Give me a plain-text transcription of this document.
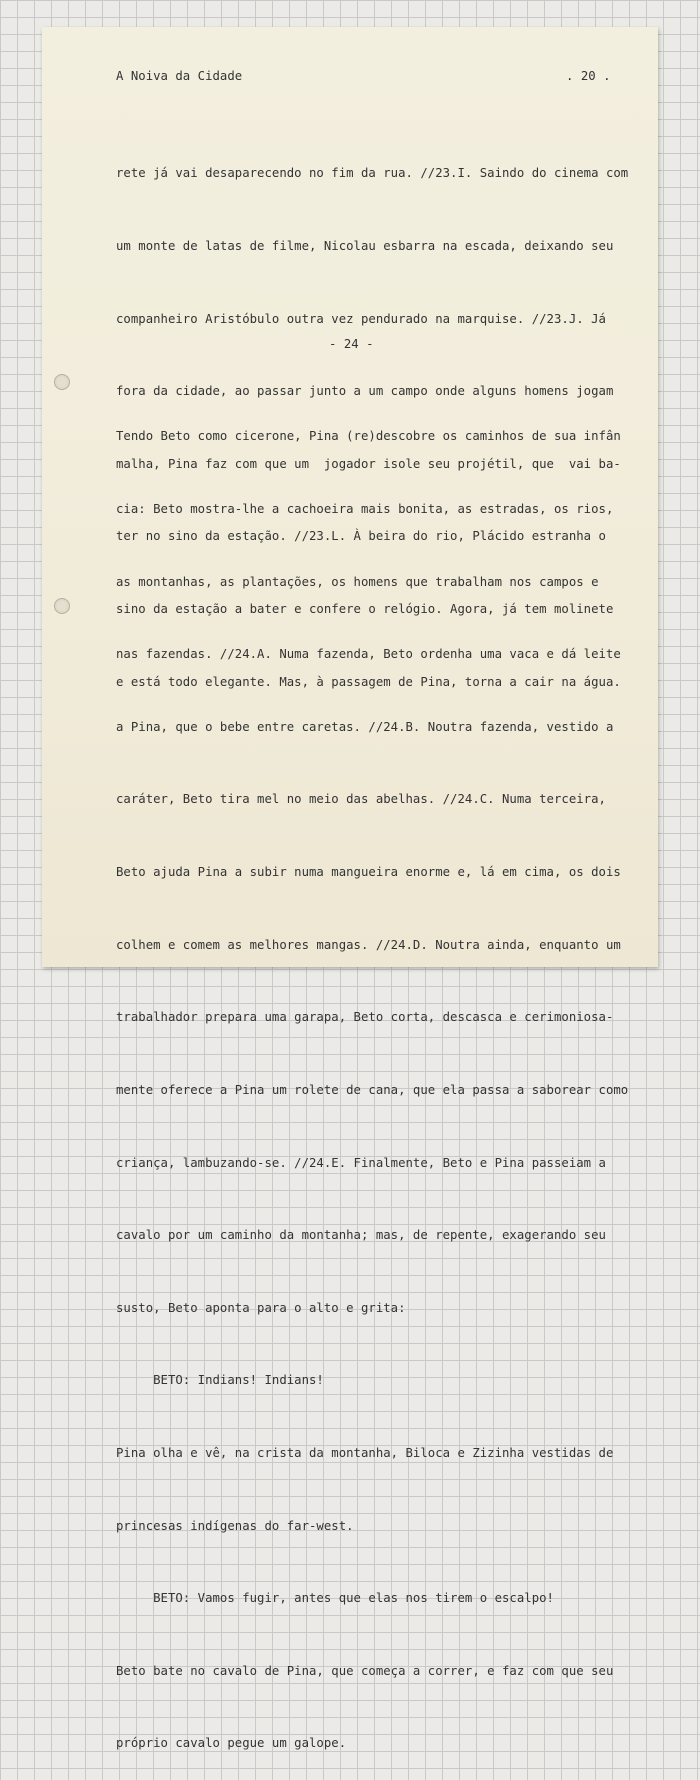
A Noiva da Cidade	. 20 .

rete já vai desaparecendo no fim da rua. //23.I. Saindo do cinema com

um monte de latas de filme, Nicolau esbarra na escada, deixando seu

companheiro Aristóbulo outra vez pendurado na marquise. //23.J. Já

fora da cidade, ao passar junto a um campo onde alguns homens jogam

malha, Pina faz com que um  jogador isole seu projétil, que  vai ba-

ter no sino da estação. //23.L. À beira do rio, Plácido estranha o

sino da estação a bater e confere o relógio. Agora, já tem molinete

e está todo elegante. Mas, à passagem de Pina, torna a cair na água.

- 24 -

Tendo Beto como cicerone, Pina (re)descobre os caminhos de sua infân

cia: Beto mostra-lhe a cachoeira mais bonita, as estradas, os rios,

as montanhas, as plantações, os homens que trabalham nos campos e

nas fazendas. //24.A. Numa fazenda, Beto ordenha uma vaca e dá leite

a Pina, que o bebe entre caretas. //24.B. Noutra fazenda, vestido a

caráter, Beto tira mel no meio das abelhas. //24.C. Numa terceira,

Beto ajuda Pina a subir numa mangueira enorme e, lá em cima, os dois

colhem e comem as melhores mangas. //24.D. Noutra ainda, enquanto um

trabalhador prepara uma garapa, Beto corta, descasca e cerimoniosa-

mente oferece a Pina um rolete de cana, que ela passa a saborear como

criança, lambuzando-se. //24.E. Finalmente, Beto e Pina passeiam a

cavalo por um caminho da montanha; mas, de repente, exagerando seu

susto, Beto aponta para o alto e grita:

BETO: Indians! Indians!

Pina olha e vê, na crista da montanha, Biloca e Zizinha vestidas de

princesas indígenas do far-west.

BETO: Vamos fugir, antes que elas nos tirem o escalpo!

Beto bate no cavalo de Pina, que começa a correr, e faz com que seu

próprio cavalo pegue um galope.
